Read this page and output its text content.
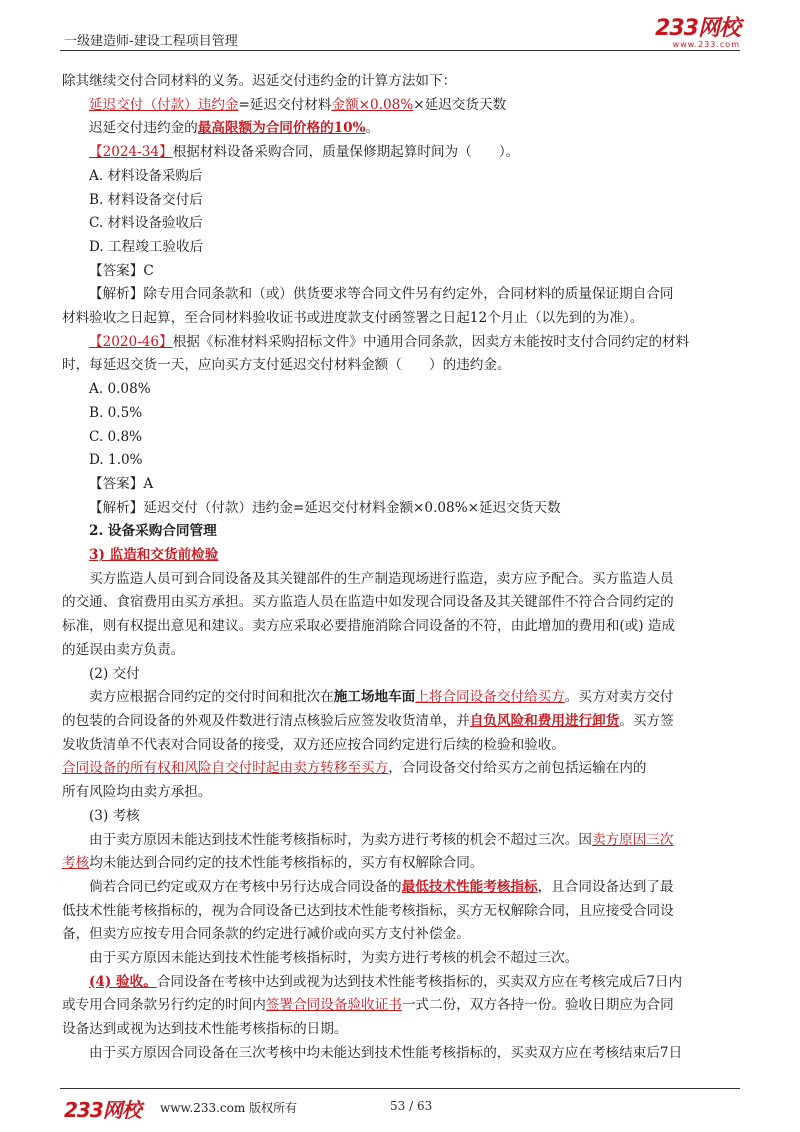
一级建造师-建设工程项目管理
233网校
www.233.com

除其继续交付合同材料的义务。迟延交付违约金的计算方法如下：

延迟交付（付款）违约金=延迟交付材料金额×0.08%×延迟交货天数

迟延交付违约金的最高限额为合同价格的10%。

【2024-34】根据材料设备采购合同，质量保修期起算时间为（　　）。

A. 材料设备采购后

B. 材料设备交付后

C. 材料设备验收后

D. 工程竣工验收后

【答案】C

【解析】除专用合同条款和（或）供货要求等合同文件另有约定外，合同材料的质量保证期自合同

材料验收之日起算，至合同材料验收证书或进度款支付函签署之日起12个月止（以先到的为准）。

【2020-46】根据《标准材料采购招标文件》中通用合同条款，因卖方未能按时支付合同约定的材料

时，每延迟交货一天，应向买方支付延迟交付材料金额（　　）的违约金。

A. 0.08%

B. 0.5%

C. 0.8%

D. 1.0%

【答案】A

【解析】延迟交付（付款）违约金=延迟交付材料金额×0.08%×延迟交货天数

2. 设备采购合同管理

3) 监造和交货前检验

买方监造人员可到合同设备及其关键部件的生产制造现场进行监造，卖方应予配合。买方监造人员

的交通、食宿费用由买方承担。买方监造人员在监造中如发现合同设备及其关键部件不符合合同约定的

标准，则有权提出意见和建议。卖方应采取必要措施消除合同设备的不符，由此增加的费用和(或) 造成

的延误由卖方负责。

(2) 交付

卖方应根据合同约定的交付时间和批次在施工场地车面上将合同设备交付给买方。买方对卖方交付

的包装的合同设备的外观及件数进行清点核验后应签发收货清单，并自负风险和费用进行卸货。买方签

发收货清单不代表对合同设备的接受，双方还应按合同约定进行后续的检验和验收。

合同设备的所有权和风险自交付时起由卖方转移至买方，合同设备交付给买方之前包括运输在内的

所有风险均由卖方承担。

(3) 考核

由于卖方原因未能达到技术性能考核指标时，为卖方进行考核的机会不超过三次。因卖方原因三次

考核均未能达到合同约定的技术性能考核指标的，买方有权解除合同。

倘若合同已约定或双方在考核中另行达成合同设备的最低技术性能考核指标，且合同设备达到了最

低技术性能考核指标的，视为合同设备已达到技术性能考核指标，买方无权解除合同，且应接受合同设

备，但卖方应按专用合同条款的约定进行减价或向买方支付补偿金。

由于买方原因未能达到技术性能考核指标时，为卖方进行考核的机会不超过三次。

(4) 验收。合同设备在考核中达到或视为达到技术性能考核指标的，买卖双方应在考核完成后7日内

或专用合同条款另行约定的时间内签署合同设备验收证书一式二份，双方各持一份。验收日期应为合同

设备达到或视为达到技术性能考核指标的日期。

由于买方原因合同设备在三次考核中均未能达到技术性能考核指标的，买卖双方应在考核结束后7日

233网校 www.233.com 版权所有	53 / 63
